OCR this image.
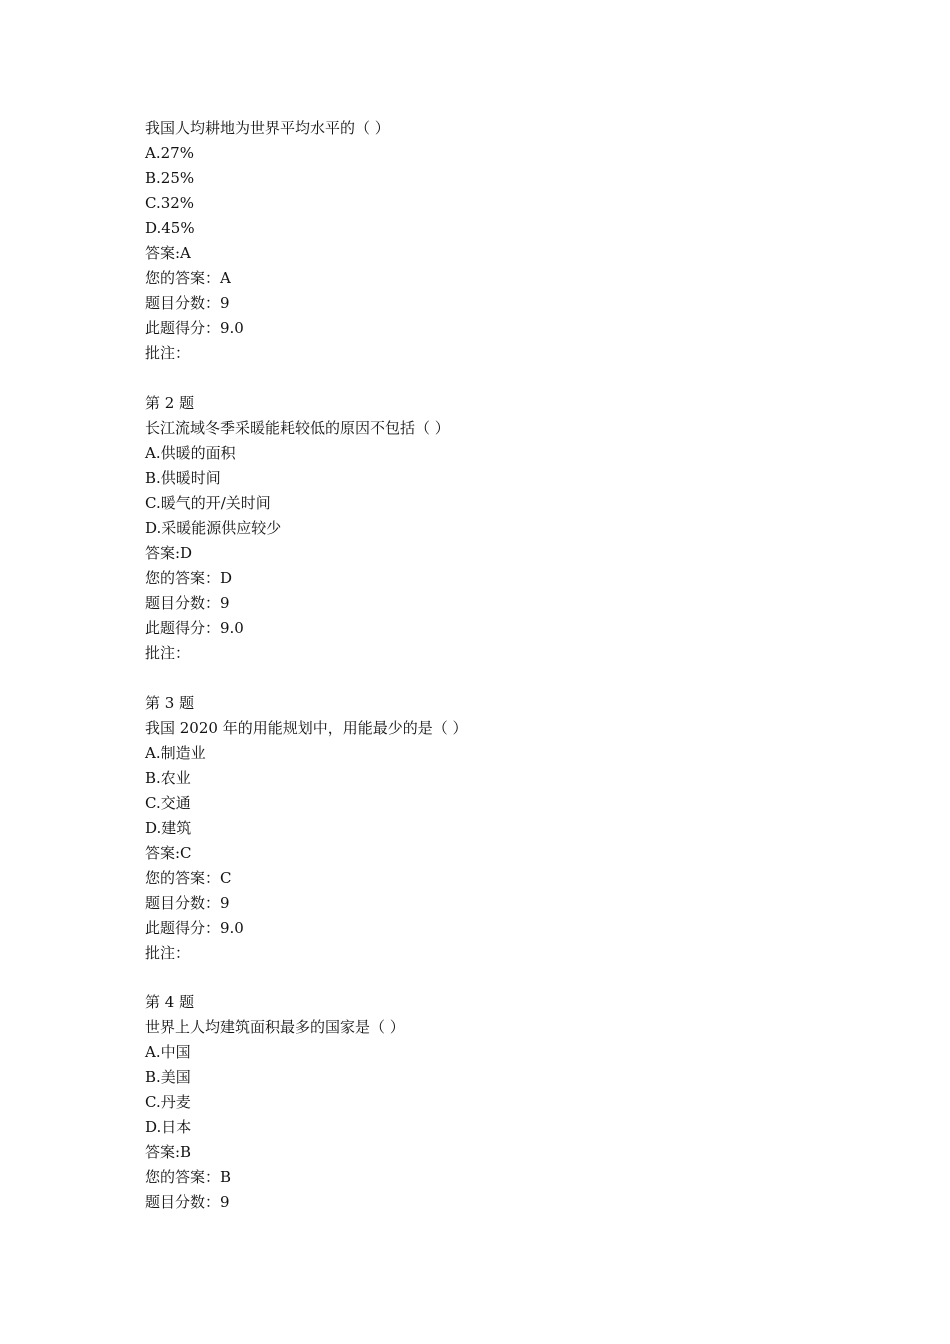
我国人均耕地为世界平均水平的（ ）
A.27%
B.25%
C.32%
D.45%
答案:A
您的答案：A
题目分数：9
此题得分：9.0
批注：
第 2 题
长江流域冬季采暖能耗较低的原因不包括（ ）
A.供暖的面积
B.供暖时间
C.暖气的开/关时间
D.采暖能源供应较少
答案:D
您的答案：D
题目分数：9
此题得分：9.0
批注：
第 3 题
我国 2020 年的用能规划中，用能最少的是（ ）
A.制造业
B.农业
C.交通
D.建筑
答案:C
您的答案：C
题目分数：9
此题得分：9.0
批注：
第 4 题
世界上人均建筑面积最多的国家是（ ）
A.中国
B.美国
C.丹麦
D.日本
答案:B
您的答案：B
题目分数：9
